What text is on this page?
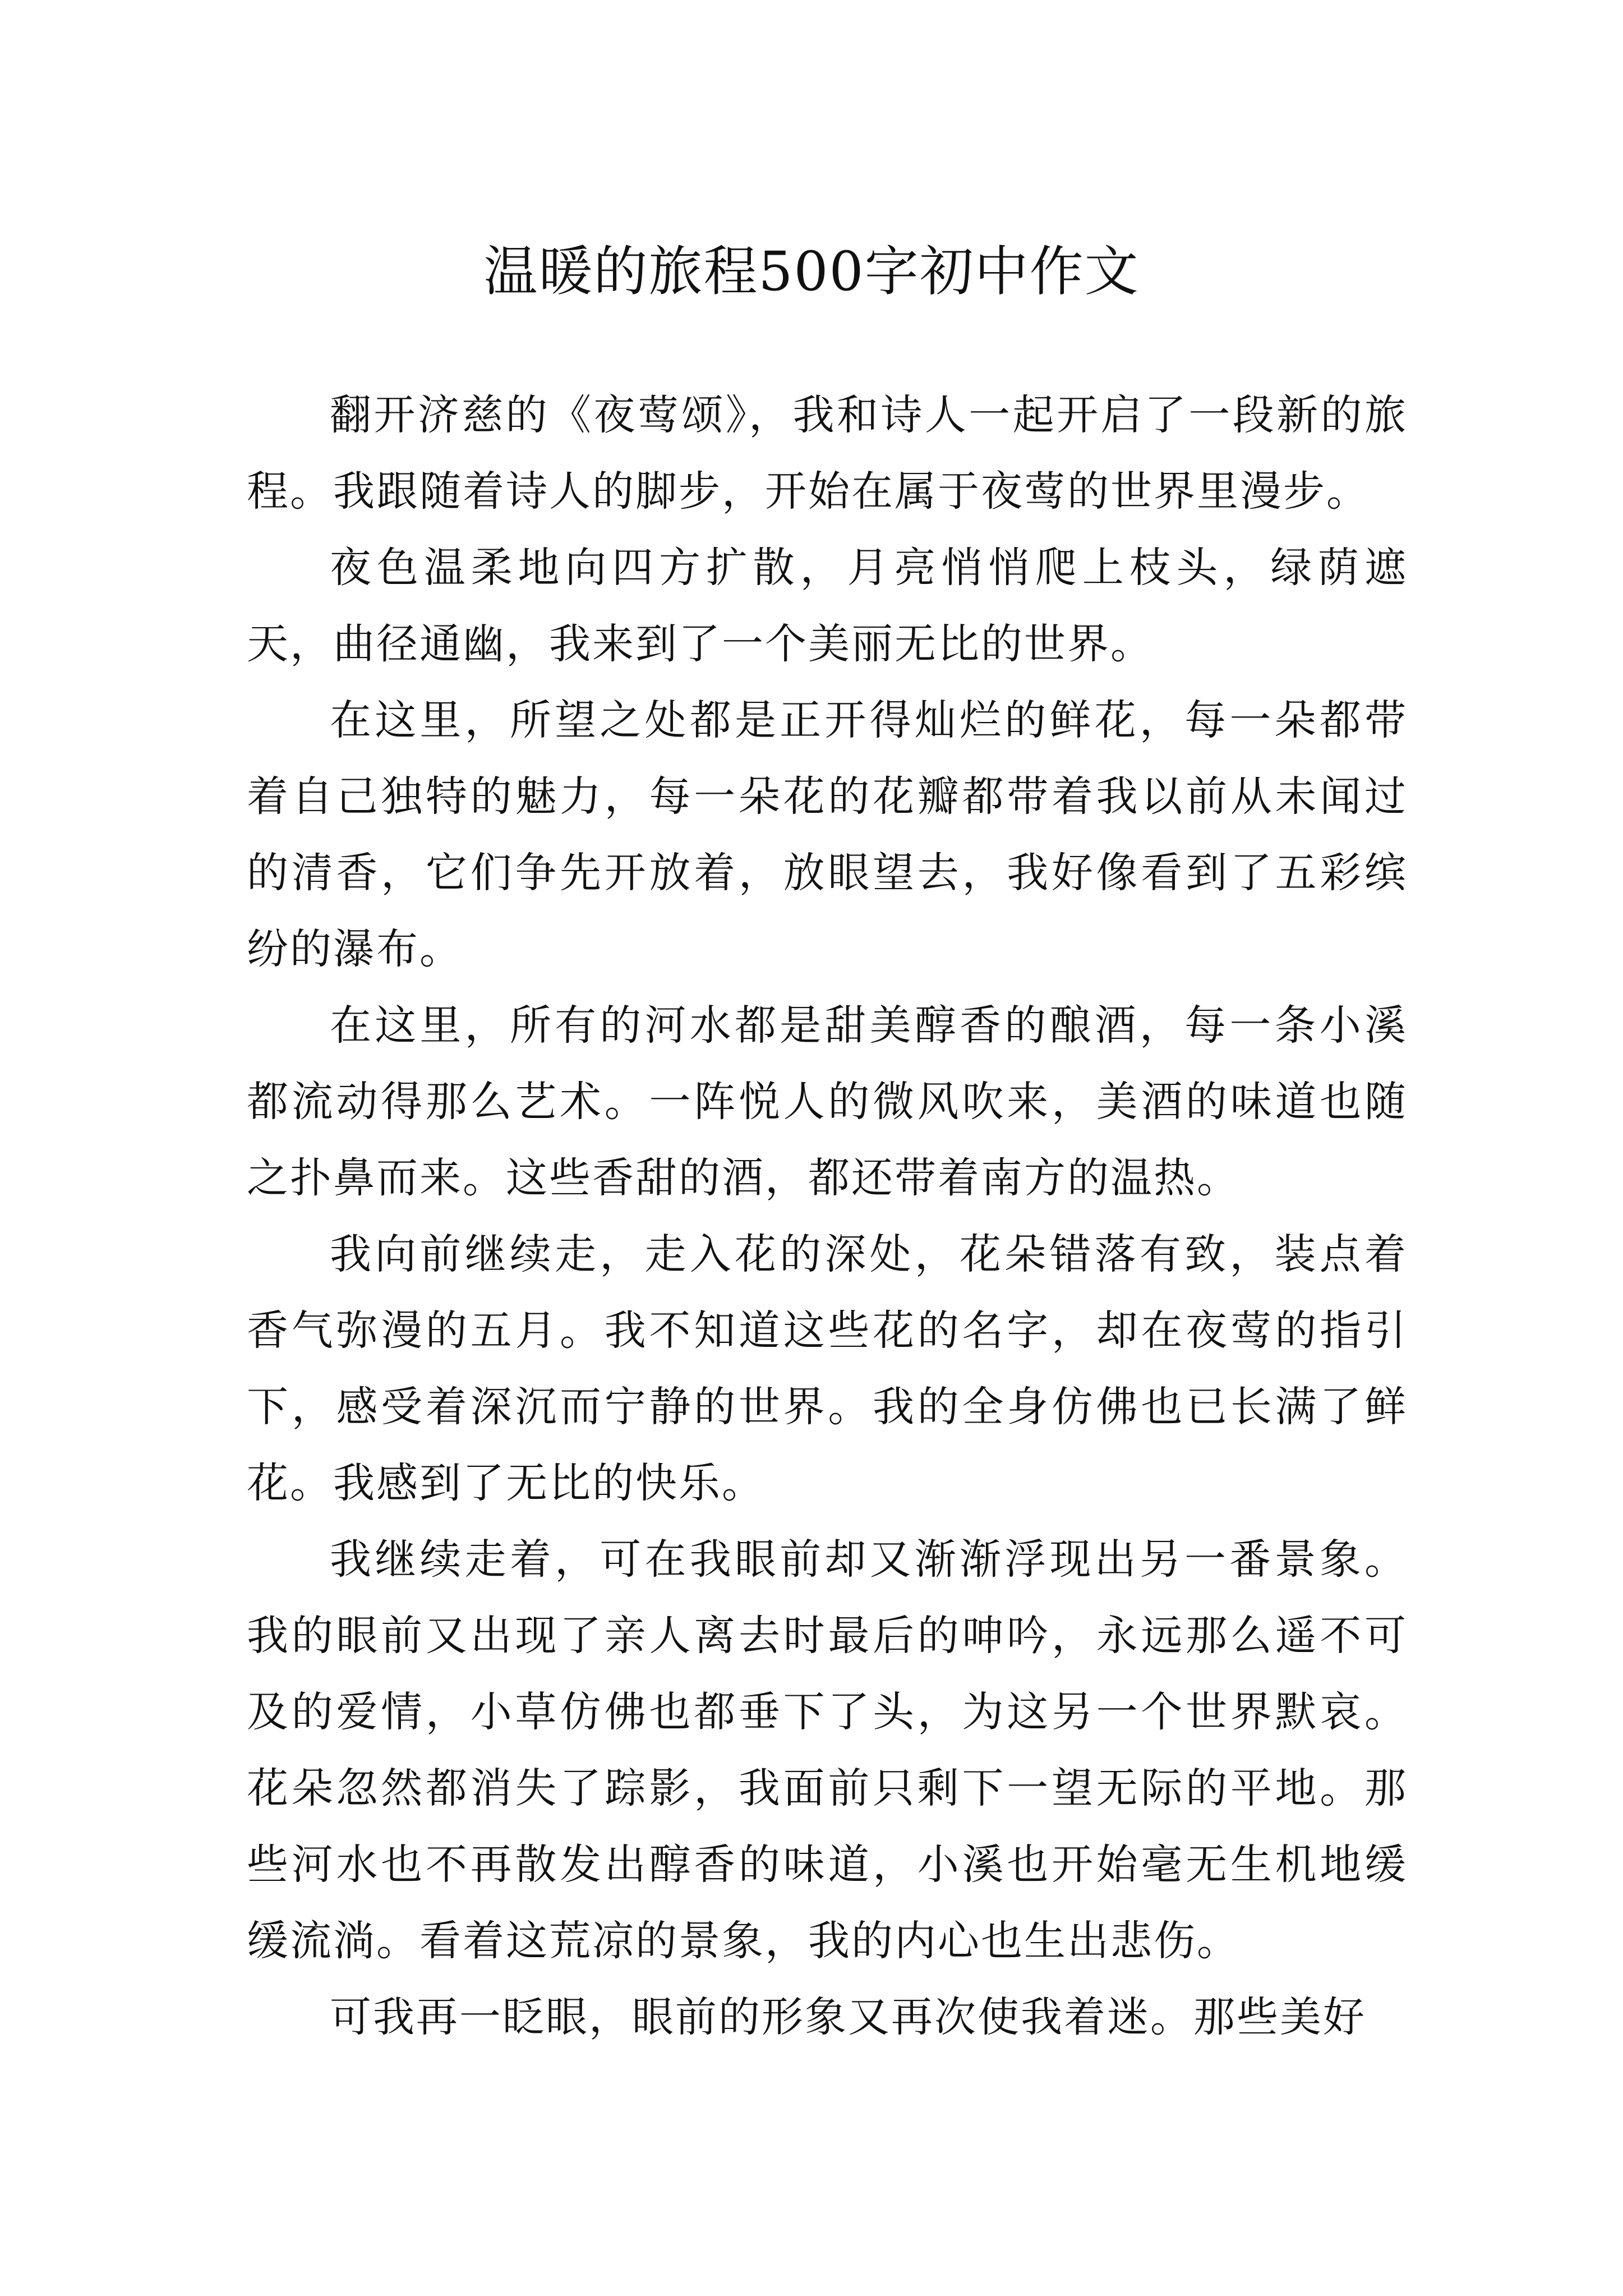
温暖的旅程500字初中作文

翻开济慈的《夜莺颂》，我和诗人一起开启了一段新的旅程。我跟随着诗人的脚步，开始在属于夜莺的世界里漫步。

夜色温柔地向四方扩散，月亮悄悄爬上枝头，绿荫遮天，曲径通幽，我来到了一个美丽无比的世界。

在这里，所望之处都是正开得灿烂的鲜花，每一朵都带着自己独特的魅力，每一朵花的花瓣都带着我以前从未闻过的清香，它们争先开放着，放眼望去，我好像看到了五彩缤纷的瀑布。

在这里，所有的河水都是甜美醇香的酿酒，每一条小溪都流动得那么艺术。一阵悦人的微风吹来，美酒的味道也随之扑鼻而来。这些香甜的酒，都还带着南方的温热。

我向前继续走，走入花的深处，花朵错落有致，装点着香气弥漫的五月。我不知道这些花的名字，却在夜莺的指引下，感受着深沉而宁静的世界。我的全身仿佛也已长满了鲜花。我感到了无比的快乐。

我继续走着，可在我眼前却又渐渐浮现出另一番景象。我的眼前又出现了亲人离去时最后的呻吟，永远那么遥不可及的爱情，小草仿佛也都垂下了头，为这另一个世界默哀。花朵忽然都消失了踪影，我面前只剩下一望无际的平地。那些河水也不再散发出醇香的味道，小溪也开始毫无生机地缓缓流淌。看着这荒凉的景象，我的内心也生出悲伤。

可我再一眨眼，眼前的形象又再次使我着迷。那些美好
